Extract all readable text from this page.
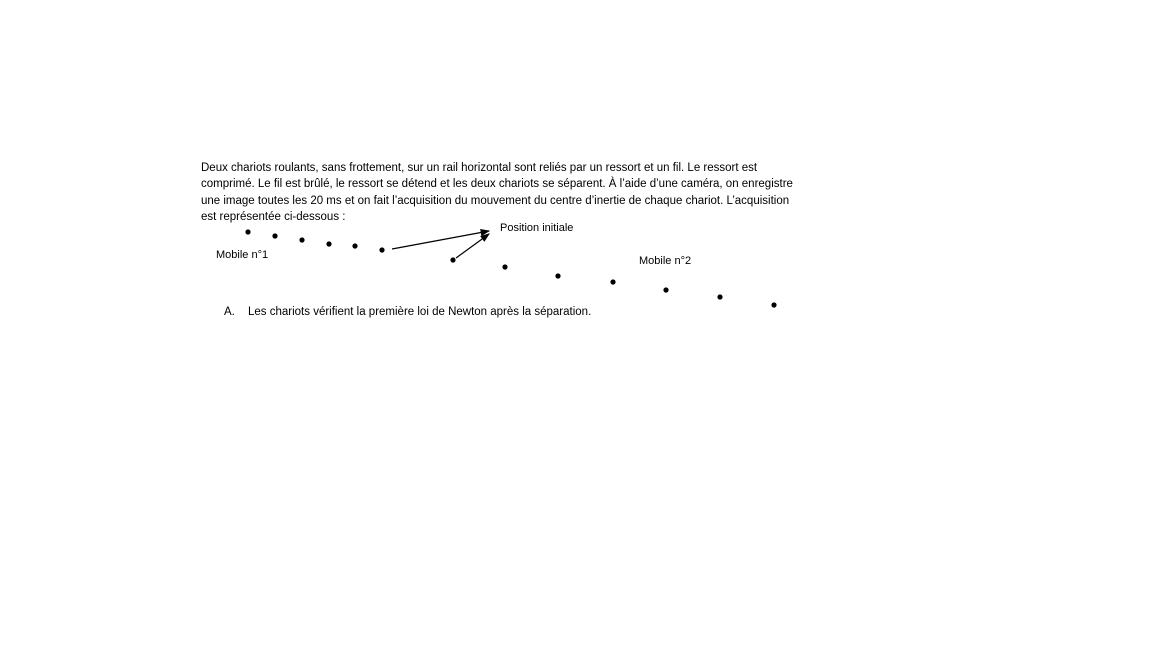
Deux chariots roulants, sans frottement, sur un rail horizontal sont reliés par un ressort et un fil. Le ressort est
comprimé. Le fil est brûlé, le ressort se détend et les deux chariots se séparent. À l’aide d’une caméra, on enregistre
une image toutes les 20 ms et on fait l’acquisition du mouvement du centre d’inertie de chaque chariot. L’acquisition
est représentée ci-dessous :
Position initiale
Mobile n°1	Mobile n°2
A. Les chariots vérifient la première loi de Newton après la séparation.
